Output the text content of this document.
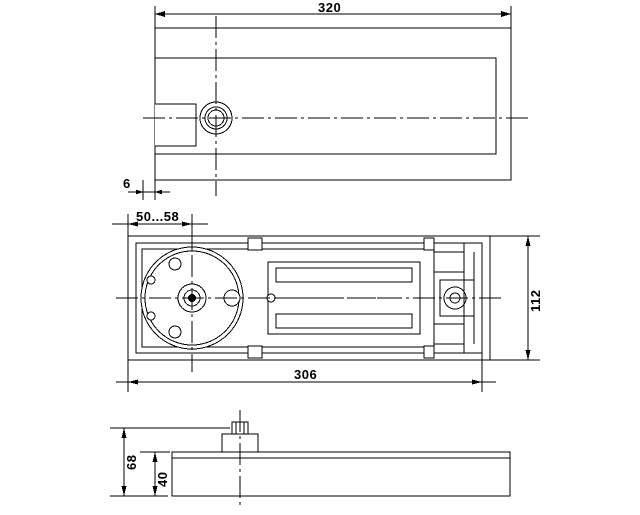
320
6
50...58
112
306
68
40
